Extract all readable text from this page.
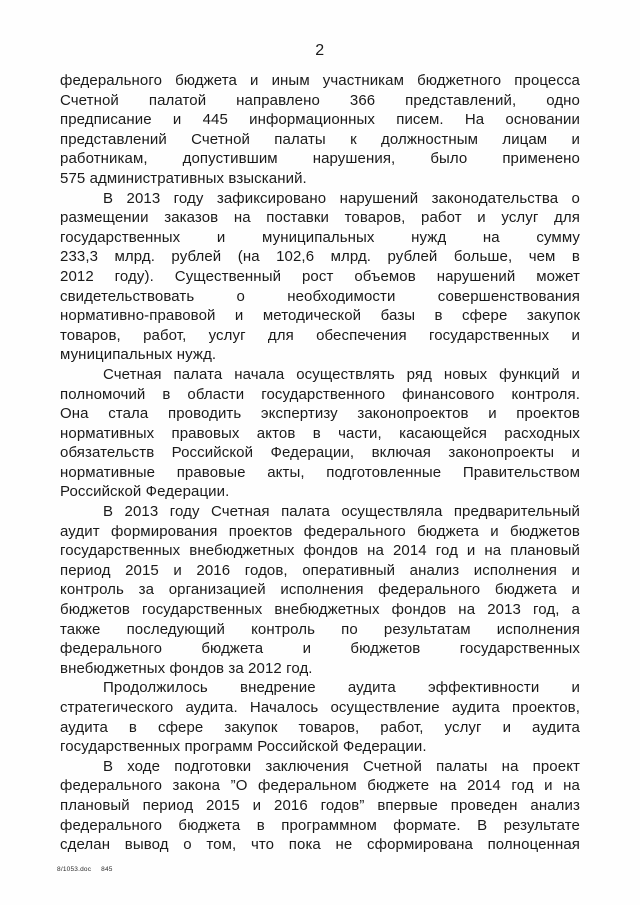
2
федерального бюджета и иным участникам бюджетного процесса
Счетной палатой направлено 366 представлений, одно
предписание и 445 информационных писем. На основании
представлений Счетной палаты к должностным лицам и
работникам, допустившим нарушения, было применено
575 административных взысканий.
В 2013 году зафиксировано нарушений законодательства о
размещении заказов на поставки товаров, работ и услуг для
государственных и муниципальных нужд на сумму
233,3 млрд. рублей (на 102,6 млрд. рублей больше, чем в
2012 году). Существенный рост объемов нарушений может
свидетельствовать о необходимости совершенствования
нормативно-правовой и методической базы в сфере закупок
товаров, работ, услуг для обеспечения государственных и
муниципальных нужд.
Счетная палата начала осуществлять ряд новых функций и
полномочий в области государственного финансового контроля.
Она стала проводить экспертизу законопроектов и проектов
нормативных правовых актов в части, касающейся расходных
обязательств Российской Федерации, включая законопроекты и
нормативные правовые акты, подготовленные Правительством
Российской Федерации.
В 2013 году Счетная палата осуществляла предварительный
аудит формирования проектов федерального бюджета и бюджетов
государственных внебюджетных фондов на 2014 год и на плановый
период 2015 и 2016 годов, оперативный анализ исполнения и
контроль за организацией исполнения федерального бюджета и
бюджетов государственных внебюджетных фондов на 2013 год, а
также последующий контроль по результатам исполнения
федерального бюджета и бюджетов государственных
внебюджетных фондов за 2012 год.
Продолжилось внедрение аудита эффективности и
стратегического аудита. Началось осуществление аудита проектов,
аудита в сфере закупок товаров, работ, услуг и аудита
государственных программ Российской Федерации.
В ходе подготовки заключения Счетной палаты на проект
федерального закона ”О федеральном бюджете на 2014 год и на
плановый период 2015 и 2016 годов” впервые проведен анализ
федерального бюджета в программном формате. В результате
сделан вывод о том, что пока не сформирована полноценная
8/1053.doc 845
